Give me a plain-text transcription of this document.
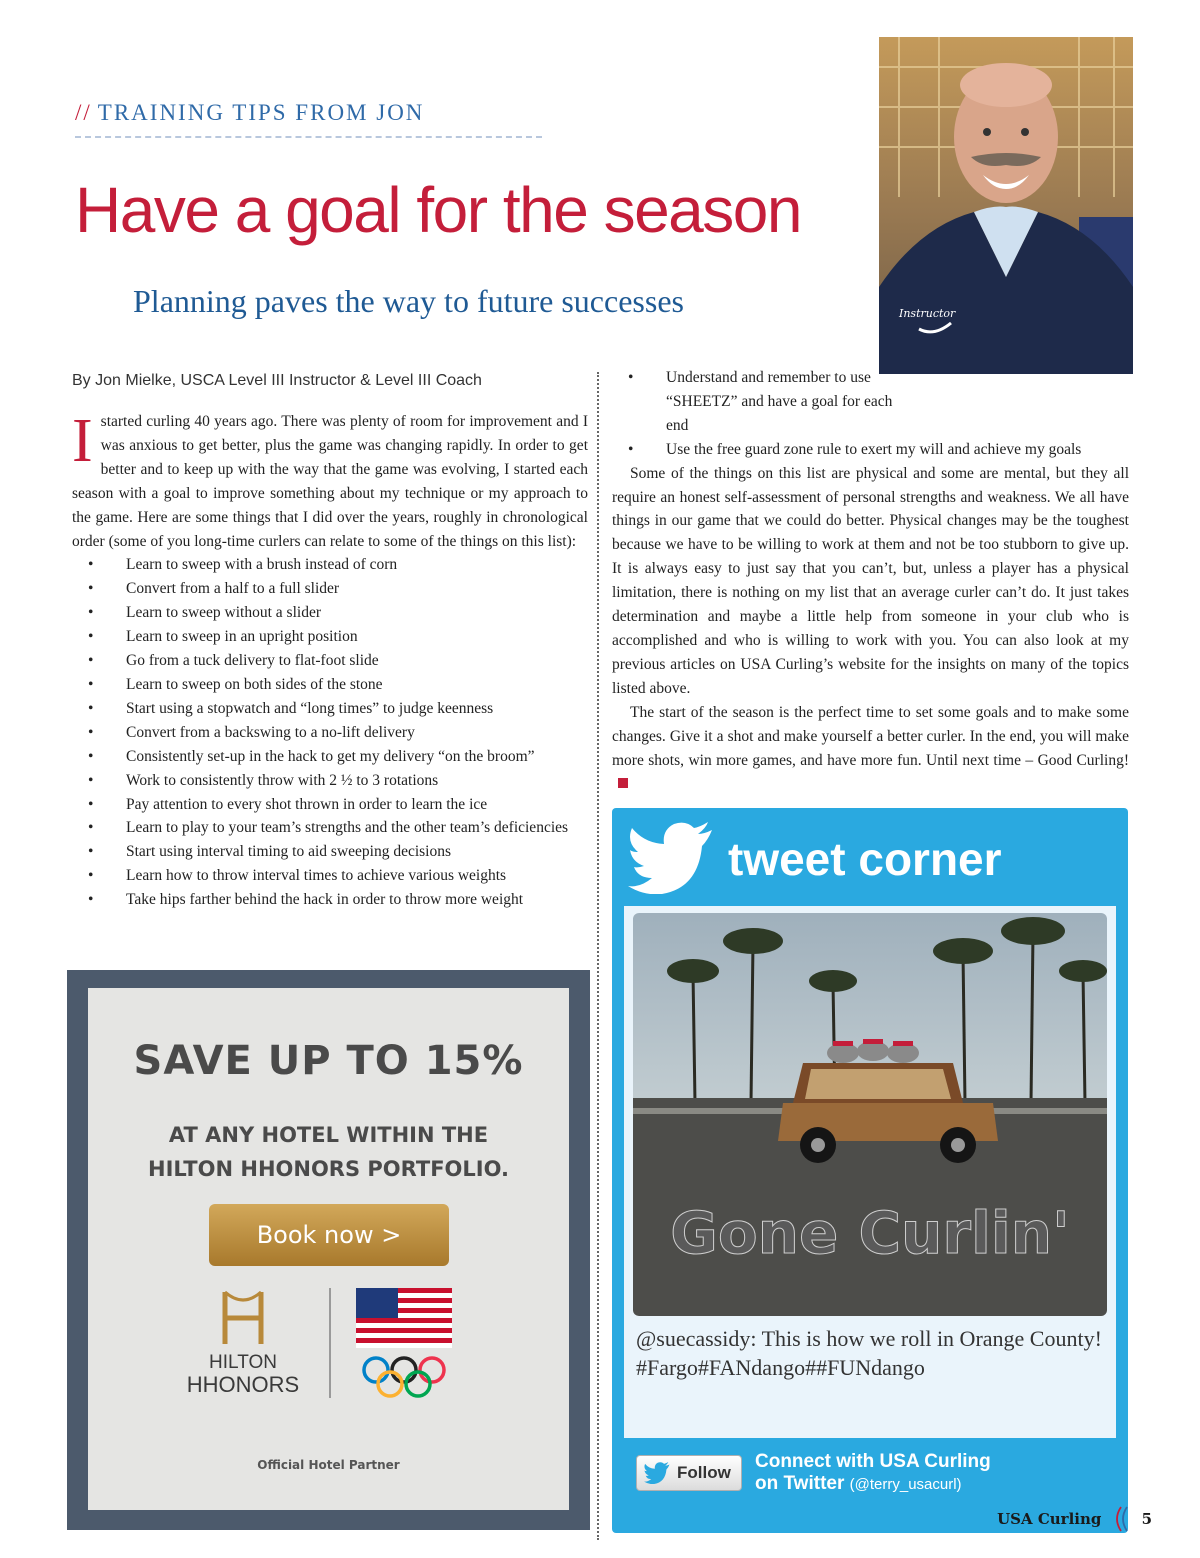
// TRAINING TIPS FROM JON
Have a goal for the season
Planning paves the way to future successes	Instructor
By Jon Mielke, USCA Level III Instructor & Level III Coach

Istarted curling 40 years ago. There was plenty of room for improvement and I was anxious to get better, plus the game was changing rapidly. In order to get better and to keep up with the way that the game was evolving, I started each season with a goal to improve something about my technique or my approach to the game. Here are some things that I did over the years, roughly in chronological order (some of you long-time curlers can relate to some of the things on this list):

• Learn to sweep with a brush instead of corn
• Convert from a half to a full slider
• Learn to sweep without a slider
• Learn to sweep in an upright position
• Go from a tuck delivery to flat-foot slide
• Learn to sweep on both sides of the stone
• Start using a stopwatch and “long times” to judge keenness
• Convert from a backswing to a no-lift delivery
• Consistently set-up in the hack to get my delivery “on the broom”
• Work to consistently throw with 2 ½ to 3 rotations
• Pay attention to every shot thrown in order to learn the ice
• Learn to play to your team’s strengths and the other team’s deficiencies
• Start using interval timing to aid sweeping decisions
• Learn how to throw interval times to achieve various weights
• Take hips farther behind the hack in order to throw more weight
• Understand and remember to use “SHEETZ” and have a goal for each end
• Use the free guard zone rule to exert my will and achieve my goals

Some of the things on this list are physical and some are mental, but they all require an honest self-assessment of personal strengths and weakness. We all have things in our game that we could do better. Physical changes may be the toughest because we have to be willing to work at them and not be too stubborn to give up. It is always easy to just say that you can’t, but, unless a player has a physical limitation, there is nothing on my list that an average curler can’t do. It just takes determination and maybe a little help from someone in your club who is accomplished and who is willing to work with you. You can also look at my previous articles on USA Curling’s website for the insights on many of the topics listed above.

The start of the season is the perfect time to set some goals and to make some changes. Give it a shot and make yourself a better curler. In the end, you will make more shots, win more games, and have more fun. Until next time – Good Curling!

SAVE UP TO 15%
AT ANY HOTEL WITHIN THE
HILTON HHONORS PORTFOLIO.
Book now >
HILTON
HHONORS
Official Hotel Partner
tweet corner
Gone Curlin'
@suecassidy: This is how we roll in Orange County! #Fargo#FANdango##FUNdango
Follow
Connect with USA Curling
on Twitter (@terry_usacurl)
USA Curling	5
